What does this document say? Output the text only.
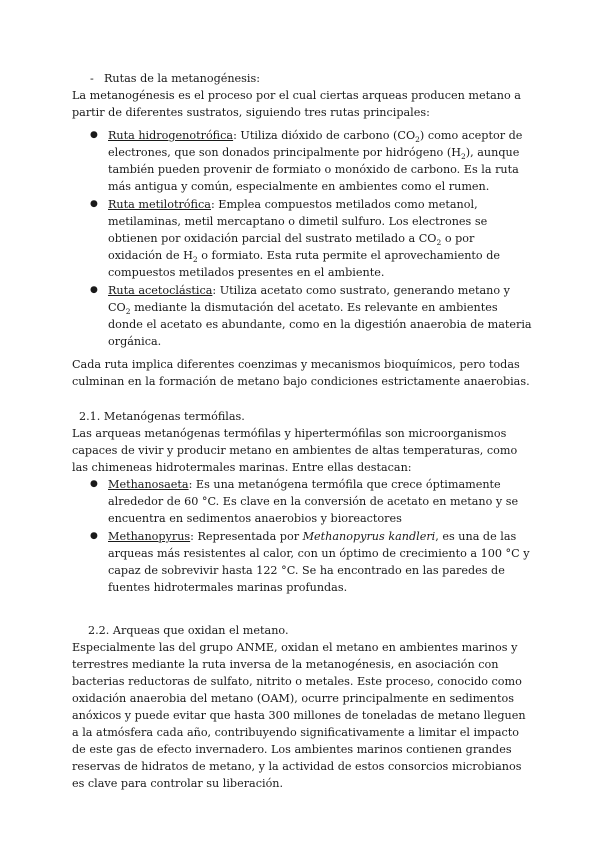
- Rutas de la metanogénesis:

La metanogénesis es el proceso por el cual ciertas arqueas producen metano a partir de diferentes sustratos, siguiendo tres rutas principales:

● Ruta hidrogenotrófica: Utiliza dióxido de carbono $(CO_2)$ como aceptor de electrones, que son donados principalmente por hidrógeno $(H_2)$, aunque también pueden provenir de formiato o monóxido de carbono. Es la ruta más antigua y común, especialmente en ambientes como el rumen.
● Ruta metilotrófica: Emplea compuestos metilados como metanol, metilaminas, metil mercaptano o dimetil sulfuro. Los electrones se obtienen por oxidación parcial del sustrato metilado a $CO_2$ o por oxidación de $H_2$ o formiato. Esta ruta permite el aprovechamiento de compuestos metilados presentes en el ambiente.
● Ruta acetoclástica: Utiliza acetato como sustrato, generando metano y $CO_2$ mediante la dismutación del acetato. Es relevante en ambientes donde el acetato es abundante, como en la digestión anaerobia de materia orgánica.

Cada ruta implica diferentes coenzimas y mecanismos bioquímicos, pero todas culminan en la formación de metano bajo condiciones estrictamente anaerobias.

2.1. Metanógenas termófilas.

Las arqueas metanógenas termófilas y hipertermófilas son microorganismos capaces de vivir y producir metano en ambientes de altas temperaturas, como las chimeneas hidrotermales marinas. Entre ellas destacan:

● Methanosaeta: Es una metanógena termófila que crece óptimamente alrededor de 60 °C. Es clave en la conversión de acetato en metano y se encuentra en sedimentos anaerobios y bioreactores
● Methanopyrus: Representada por Methanopyrus kandleri, es una de las arqueas más resistentes al calor, con un óptimo de crecimiento a 100 °C y capaz de sobrevivir hasta 122 °C. Se ha encontrado en las paredes de fuentes hidrotermales marinas profundas.

2.2. Arqueas que oxidan el metano.

Especialmente las del grupo ANME, oxidan el metano en ambientes marinos y terrestres mediante la ruta inversa de la metanogénesis, en asociación con bacterias reductoras de sulfato, nitrito o metales. Este proceso, conocido como oxidación anaerobia del metano (OAM), ocurre principalmente en sedimentos anóxicos y puede evitar que hasta 300 millones de toneladas de metano lleguen a la atmósfera cada año, contribuyendo significativamente a limitar el impacto de este gas de efecto invernadero. Los ambientes marinos contienen grandes reservas de hidratos de metano, y la actividad de estos consorcios microbianos es clave para controlar su liberación.
